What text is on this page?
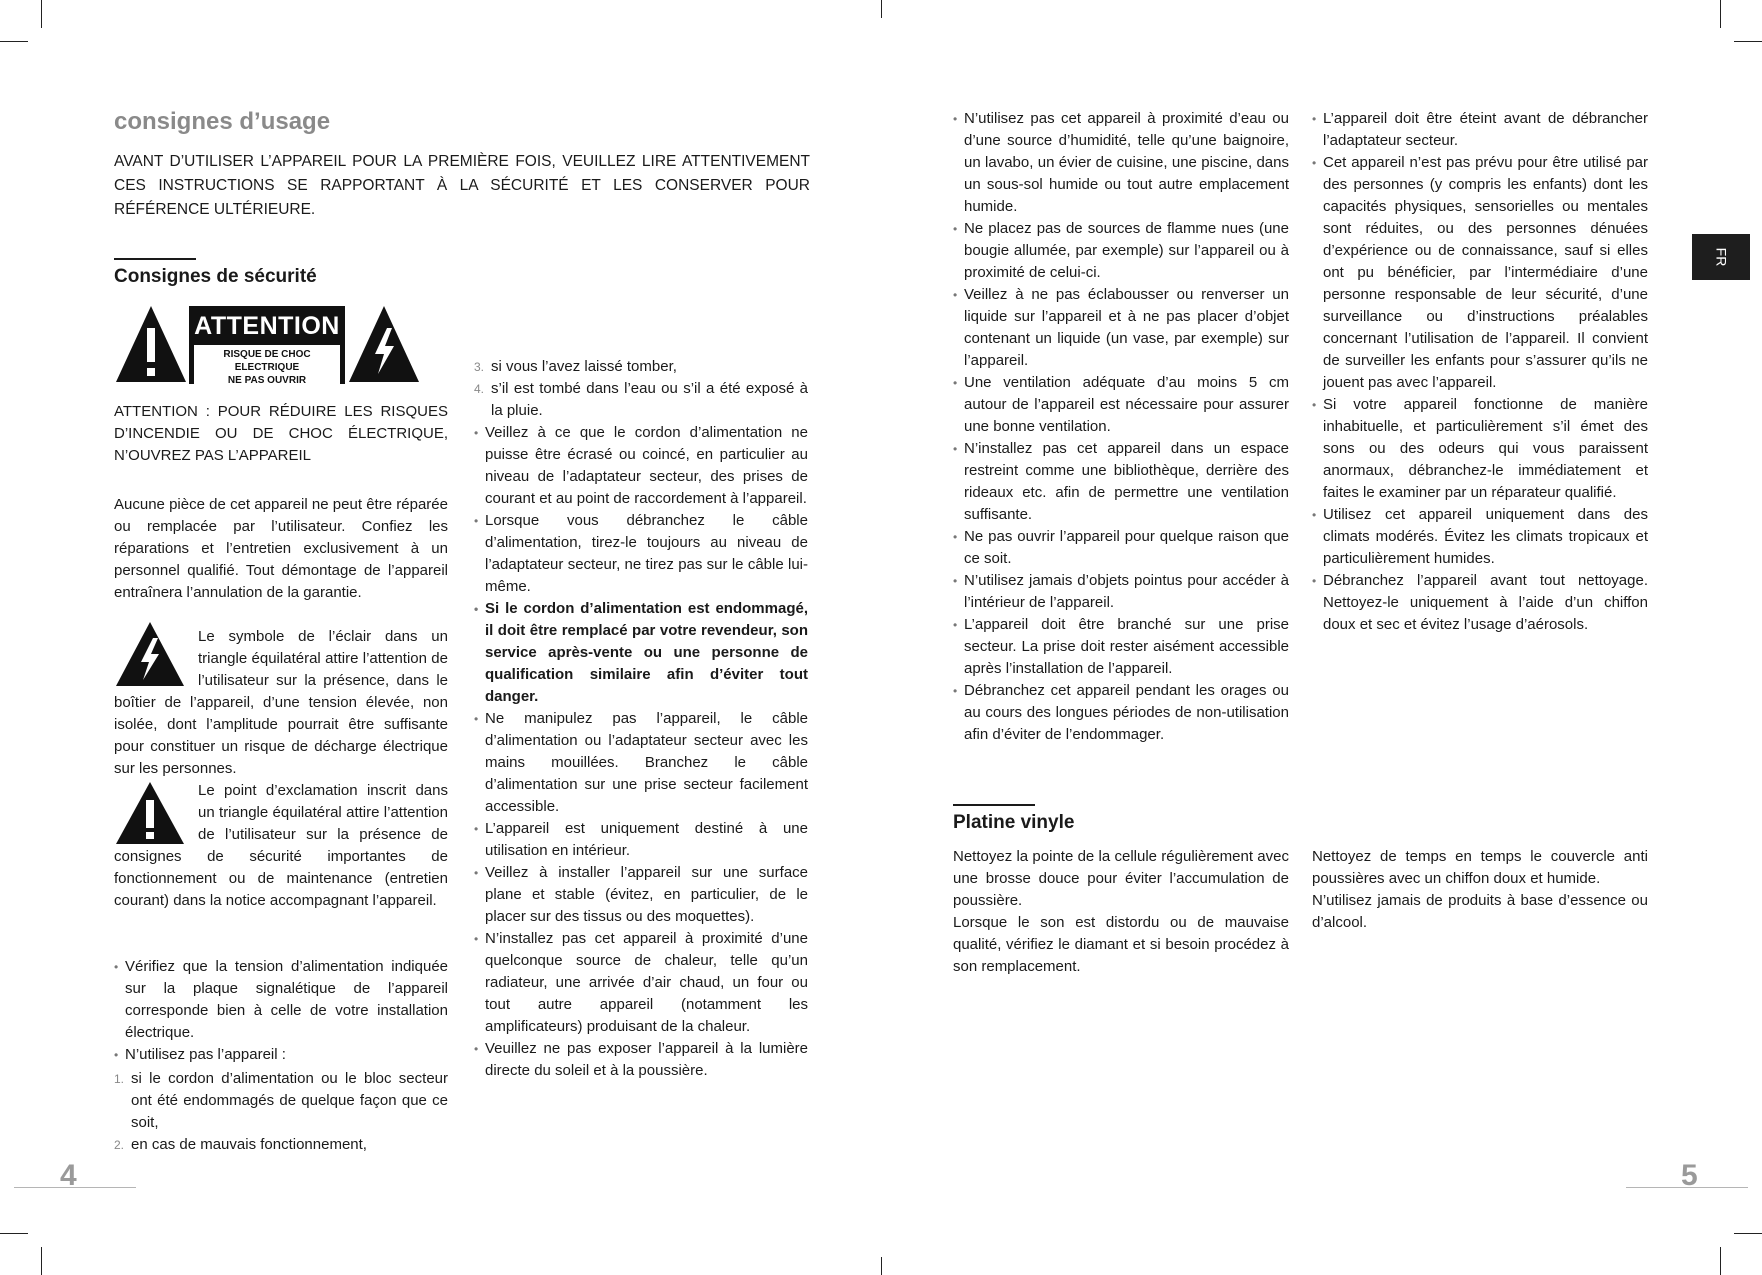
consignes d’usage
AVANT D’UTILISER L’APPAREIL POUR LA PREMIÈRE FOIS, VEUILLEZ LIRE ATTENTIVEMENT CES INSTRUCTIONS SE RAPPORTANT À LA SÉCURITÉ ET LES CONSERVER POUR RÉFÉRENCE ULTÉRIEURE.
Consignes de sécurité
ATTENTION
RISQUE DE CHOC ELECTRIQUE
NE PAS OUVRIR
ATTENTION : POUR RÉDUIRE LES RISQUES D’INCENDIE OU DE CHOC ÉLECTRIQUE, N’OUVREZ PAS L’APPAREIL
Aucune pièce de cet appareil ne peut être réparée ou remplacée par l’utilisateur. Confiez les réparations et l’entretien exclusivement à un personnel qualifié. Tout démontage de l’appareil entraînera l’annulation de la garantie.
Le symbole de l’éclair dans un triangle équilatéral attire l’attention de l’utilisateur sur la présence, dans le boîtier de l’appareil, d’une tension élevée, non isolée, dont l’amplitude pourrait être suffisante pour constituer un risque de décharge électrique sur les personnes.
Le point d’exclamation inscrit dans un triangle équilatéral attire l’attention de l’utilisateur sur la présence de consignes de sécurité importantes de fonctionnement ou de maintenance (entretien courant) dans la notice accompagnant l’appareil.
• Vérifiez que la tension d’alimentation indiquée sur la plaque signalétique de l’appareil corresponde bien à celle de votre installation électrique.
• N’utilisez pas l’appareil :
1. si le cordon d’alimentation ou le bloc secteur ont été endommagés de quelque façon que ce soit,
2. en cas de mauvais fonctionnement,
3. si vous l’avez laissé tomber,
4. s’il est tombé dans l’eau ou s’il a été exposé à la pluie.
• Veillez à ce que le cordon d’alimentation ne puisse être écrasé ou coincé, en particulier au niveau de l’adaptateur secteur, des prises de courant et au point de raccordement à l’appareil.
• Lorsque vous débranchez le câble d’alimentation, tirez-le toujours au niveau de l’adaptateur secteur, ne tirez pas sur le câble lui-même.
• Si le cordon d’alimentation est endommagé, il doit être remplacé par votre revendeur, son service après-vente ou une personne de qualification similaire afin d’éviter tout danger.
• Ne manipulez pas l’appareil, le câble d’alimentation ou l’adaptateur secteur avec les mains mouillées. Branchez le câble d’alimentation sur une prise secteur facilement accessible.
• L’appareil est uniquement destiné à une utilisation en intérieur.
• Veillez à installer l’appareil sur une surface plane et stable (évitez, en particulier, de le placer sur des tissus ou des moquettes).
• N’installez pas cet appareil à proximité d’une quelconque source de chaleur, telle qu’un radiateur, une arrivée d’air chaud, un four ou tout autre appareil (notamment les amplificateurs) produisant de la chaleur.
• Veuillez ne pas exposer l’appareil à la lumière directe du soleil et à la poussière.
4
• N’utilisez pas cet appareil à proximité d’eau ou d’une source d’humidité, telle qu’une baignoire, un lavabo, un évier de cuisine, une piscine, dans un sous-sol humide ou tout autre emplacement humide.
• Ne placez pas de sources de flamme nues (une bougie allumée, par exemple) sur l’appareil ou à proximité de celui-ci.
• Veillez à ne pas éclabousser ou renverser un liquide sur l’appareil et à ne pas placer d’objet contenant un liquide (un vase, par exemple) sur l’appareil.
• Une ventilation adéquate d’au moins 5 cm autour de l’appareil est nécessaire pour assurer une bonne ventilation.
• N’installez pas cet appareil dans un espace restreint comme une bibliothèque, derrière des rideaux etc. afin de permettre une ventilation suffisante.
• Ne pas ouvrir l’appareil pour quelque raison que ce soit.
• N’utilisez jamais d’objets pointus pour accéder à l’intérieur de l’appareil.
• L’appareil doit être branché sur une prise secteur. La prise doit rester aisément accessible après l’installation de l’appareil.
• Débranchez cet appareil pendant les orages ou au cours des longues périodes de non-utilisation afin d’éviter de l’endommager.
• L’appareil doit être éteint avant de débrancher l’adaptateur secteur.
• Cet appareil n’est pas prévu pour être utilisé par des personnes (y compris les enfants) dont les capacités physiques, sensorielles ou mentales sont réduites, ou des personnes dénuées d’expérience ou de connaissance, sauf si elles ont pu bénéficier, par l’intermédiaire d’une personne responsable de leur sécurité, d’une surveillance ou d’instructions préalables concernant l’utilisation de l’appareil. Il convient de surveiller les enfants pour s’assurer qu’ils ne jouent pas avec l’appareil.
• Si votre appareil fonctionne de manière inhabituelle, et particulièrement s’il émet des sons ou des odeurs qui vous paraissent anormaux, débranchez-le immédiatement et faites le examiner par un réparateur qualifié.
• Utilisez cet appareil uniquement dans des climats modérés. Évitez les climats tropicaux et particulièrement humides.
• Débranchez l’appareil avant tout nettoyage. Nettoyez-le uniquement à l’aide d’un chiffon doux et sec et évitez l’usage d’aérosols.
FR
Platine vinyle
Nettoyez la pointe de la cellule régulièrement avec une brosse douce pour éviter l’accumulation de poussière.
Lorsque le son est distordu ou de mauvaise qualité, vérifiez le diamant et si besoin procédez à son remplacement.
Nettoyez de temps en temps le couvercle anti poussières avec un chiffon doux et humide.
N’utilisez jamais de produits à base d’essence ou d’alcool.
5
